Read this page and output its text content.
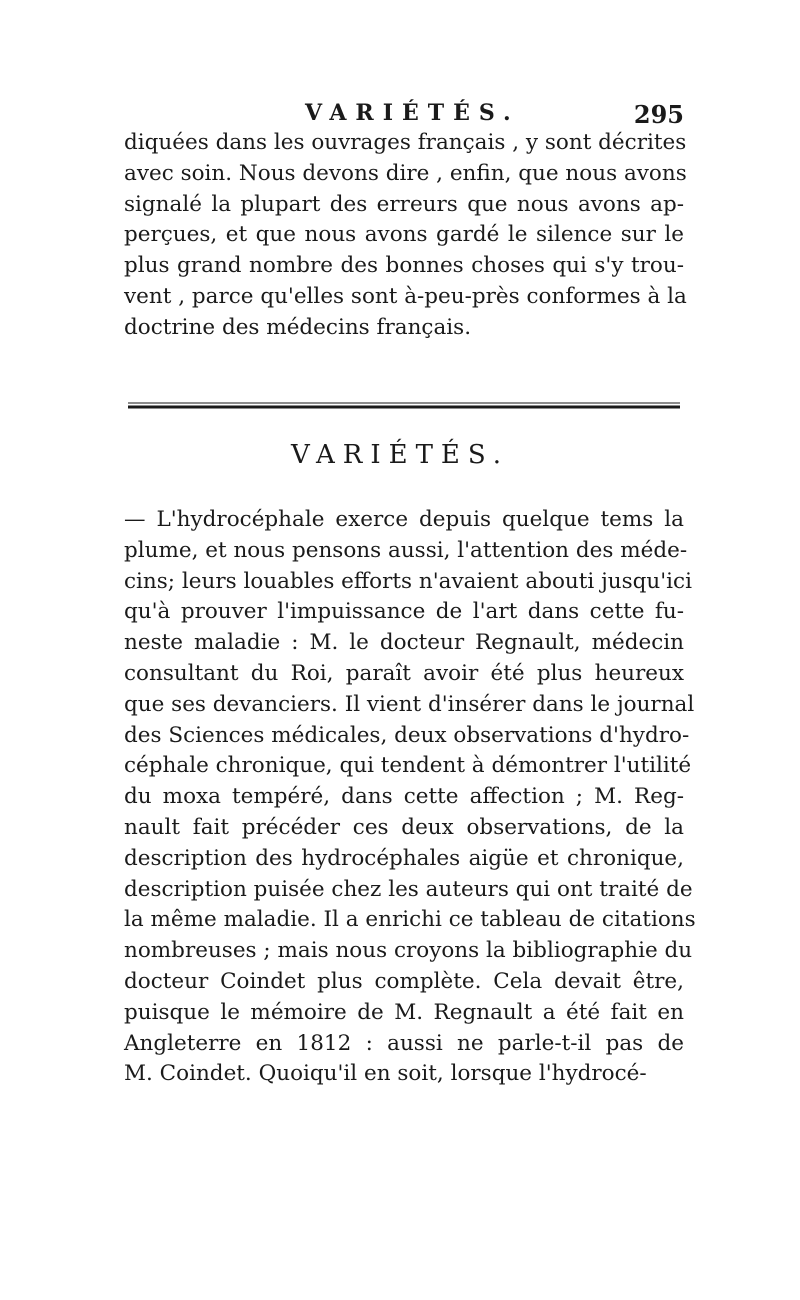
VARIÉTÉS.	295
diquées dans les ouvrages français , y sont décrites
avec soin. Nous devons dire , enfin, que nous avons
signalé la plupart des erreurs que nous avons ap-
perçues, et que nous avons gardé le silence sur le
plus grand nombre des bonnes choses qui s'y trou-
vent , parce qu'elles sont à-peu-près conformes à la
doctrine des médecins français.
VARIÉTÉS.
— L'hydrocéphale exerce depuis quelque tems la
plume, et nous pensons aussi, l'attention des méde-
cins; leurs louables efforts n'avaient abouti jusqu'ici
qu'à prouver l'impuissance de l'art dans cette fu-
neste maladie : M. le docteur Regnault, médecin
consultant du Roi, paraît avoir été plus heureux
que ses devanciers. Il vient d'insérer dans le journal
des Sciences médicales, deux observations d'hydro-
céphale chronique, qui tendent à démontrer l'utilité
du moxa tempéré, dans cette affection ; M. Reg-
nault fait précéder ces deux observations, de la
description des hydrocéphales aigüe et chronique,
description puisée chez les auteurs qui ont traité de
la même maladie. Il a enrichi ce tableau de citations
nombreuses ; mais nous croyons la bibliographie du
docteur Coindet plus complète. Cela devait être,
puisque le mémoire de M. Regnault a été fait en
Angleterre en 1812 : aussi ne parle-t-il pas de
M. Coindet. Quoiqu'il en soit, lorsque l'hydrocé-
